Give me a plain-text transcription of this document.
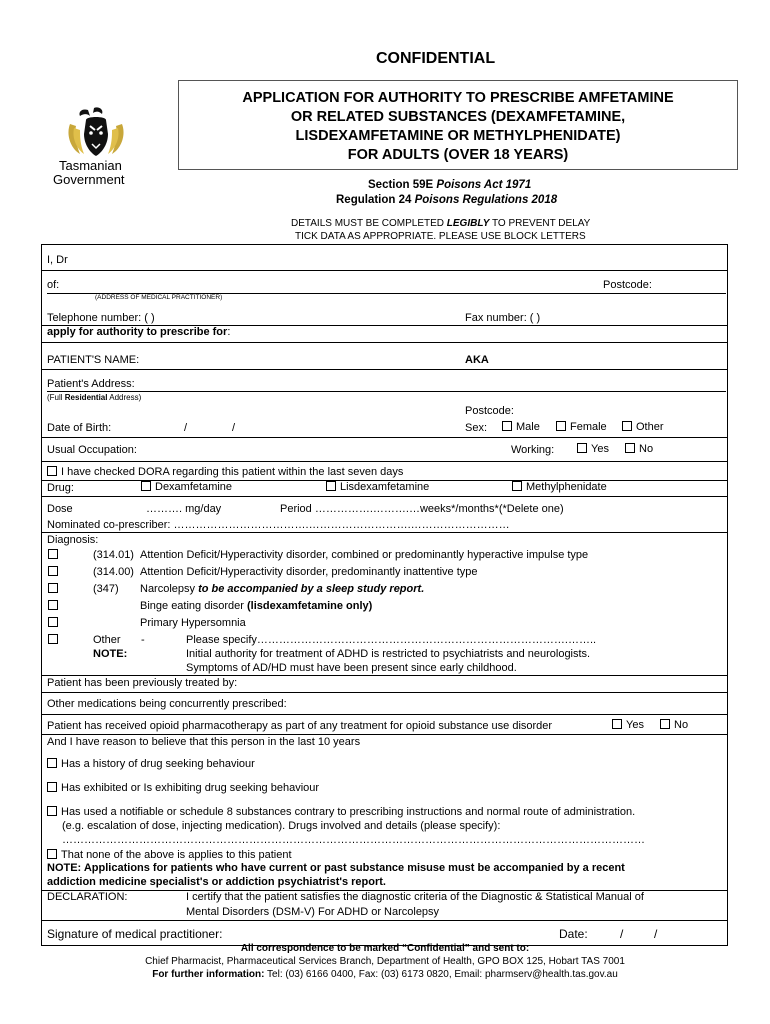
CONFIDENTIAL
APPLICATION FOR AUTHORITY TO PRESCRIBE AMFETAMINE
OR RELATED SUBSTANCES (DEXAMFETAMINE,
LISDEXAMFETAMINE OR METHYLPHENIDATE)
FOR ADULTS (OVER 18 YEARS)
Tasmanian
Government	Section 59E Poisons Act 1971
Regulation 24 Poisons Regulations 2018
DETAILS MUST BE COMPLETED LEGIBLY TO PREVENT DELAY
TICK DATA AS APPROPRIATE. PLEASE USE BLOCK LETTERS
I, Dr
of:	Postcode:
(ADDRESS OF MEDICAL PRACTITIONER)
Telephone number: ( )	Fax number: ( )
apply for authority to prescribe for:
PATIENT'S NAME:	AKA
Patient's Address:
(Full Residential Address)
Postcode:
Date of Birth:	/	/	Sex:	Male	Female	Other
Usual Occupation:	Working:	Yes	No
I have checked DORA regarding this patient within the last seven days
Drug:	Dexamfetamine	Lisdexamfetamine	Methylphenidate
Dose	………. mg/day	Period …………….……….…weeks*/months*(*Delete one)
Nominated co-prescriber: ……………………………….……………………….………………………
Diagnosis:
(314.01) Attention Deficit/Hyperactivity disorder, combined or predominantly hyperactive impulse type
(314.00) Attention Deficit/Hyperactivity disorder, predominantly inattentive type
(347) Narcolepsy to be accompanied by a sleep study report.
Binge eating disorder (lisdexamfetamine only)
Primary Hypersomnia
Other -	Please specify………………………………………………………………………….……..
NOTE:	Initial authority for treatment of ADHD is restricted to psychiatrists and neurologists.
Symptoms of AD/HD must have been present since early childhood.
Patient has been previously treated by:
Other medications being concurrently prescribed:
Patient has received opioid pharmacotherapy as part of any treatment for opioid substance use disorder	Yes	No
And I have reason to believe that this person in the last 10 years
Has a history of drug seeking behaviour
Has exhibited or Is exhibiting drug seeking behaviour
Has used a notifiable or schedule 8 substances contrary to prescribing instructions and normal route of administration.
(e.g. escalation of dose, injecting medication). Drugs involved and details (please specify):
……………………………………………………………………………………………………………………………………………
That none of the above is applies to this patient
NOTE: Applications for patients who have current or past substance misuse must be accompanied by a recent
addiction medicine specialist's or addiction psychiatrist's report.
DECLARATION:	I certify that the patient satisfies the diagnostic criteria of the Diagnostic & Statistical Manual of
Mental Disorders (DSM-V) For ADHD or Narcolepsy
Signature of medical practitioner:	Date:	/	/
All correspondence to be marked “Confidential” and sent to:
Chief Pharmacist, Pharmaceutical Services Branch, Department of Health, GPO BOX 125, Hobart TAS 7001
For further information: Tel: (03) 6166 0400, Fax: (03) 6173 0820, Email: pharmserv@health.tas.gov.au
